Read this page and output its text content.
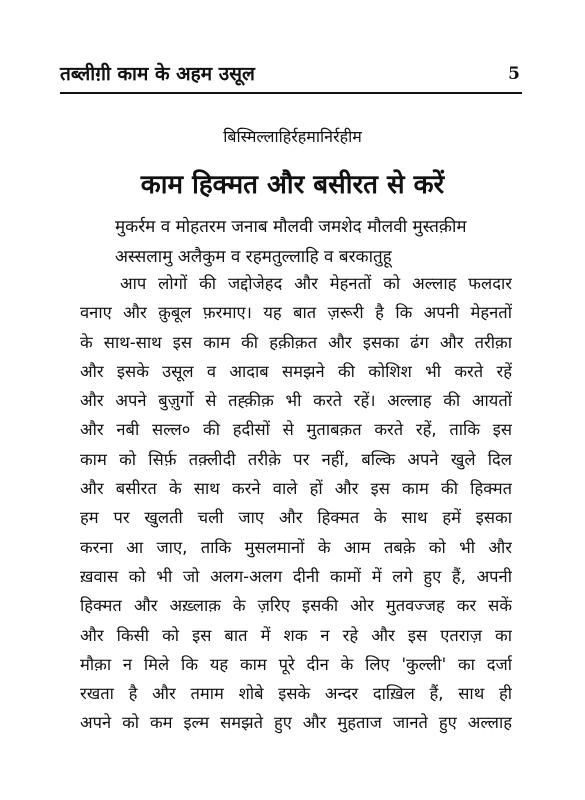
तब्लीग़ी काम के अहम उसूल	5
बिस्मिल्लाहिर्रहमानिर्रहीम
काम हिक्मत और बसीरत से करें
मुकर्रम व मोहतरम जनाब मौलवी जमशेद मौलवी मुस्तक़ीम
अस्सलामु अलैकुम व रहमतुल्लाहि व बरकातुहू
आप लोगों की जद्दोजेहद और मेहनतों को अल्लाह फलदार
वनाए और क़ुबूल फ़रमाए। यह बात ज़रूरी है कि अपनी मेहनतों
के साथ-साथ इस काम की हक़ीक़त और इसका ढंग और तरीक़ा
और इसके उसूल व आदाब समझने की कोशिश भी करते रहें
और अपने बुज़ुर्गो से तह्क़ीक़ भी करते रहें। अल्लाह की आयतों
और नबी सल्ल० की हदीसों से मुताबक़त करते रहें, ताकि इस
काम को सिर्फ़ तक़्लीदी तरीक़े पर नहीं, बल्कि अपने खुले दिल
और बसीरत के साथ करने वाले हों और इस काम की हिक्मत
हम पर खुलती चली जाए और हिक्मत के साथ हमें इसका
करना आ जाए, ताकि मुसलमानों के आम तबक़े को भी और
ख़वास को भी जो अलग-अलग दीनी कामों में लगे हुए हैं, अपनी
हिक्मत और अख़्लाक़ के ज़रिए इसकी ओर मुतवज्जह कर सकें
और किसी को इस बात में शक न रहे और इस एतराज़ का
मौक़ा न मिले कि यह काम पूरे दीन के लिए 'कुल्ली' का दर्जा
रखता है और तमाम शोबे इसके अन्दर दाख़िल हैं, साथ ही
अपने को कम इल्म समझते हुए और मुहताज जानते हुए अल्लाह
